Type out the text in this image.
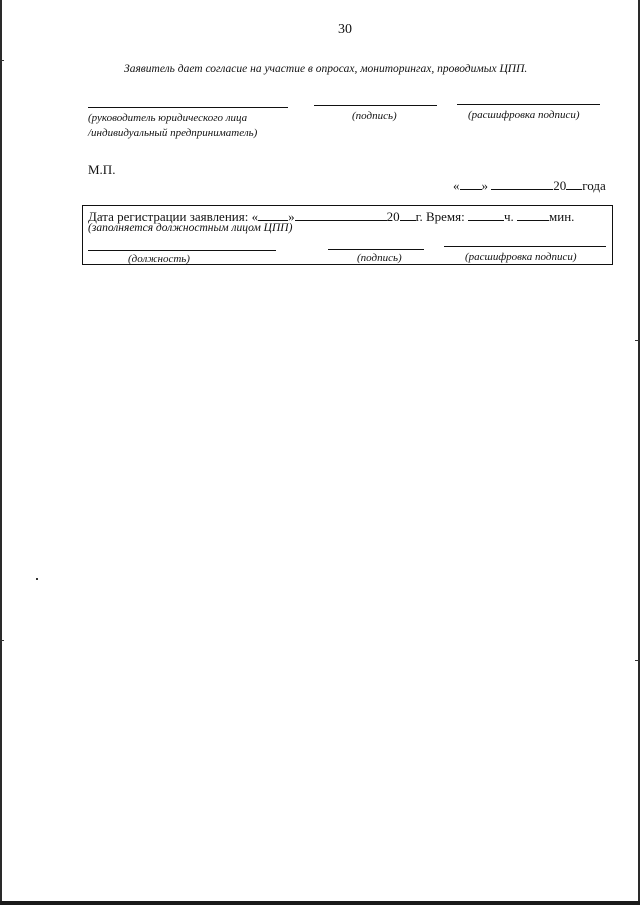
30
Заявитель дает согласие на участие в опросах, мониторингах, проводимых ЦПП.
(руководитель юридического лица
/индивидуальный предприниматель)
(подпись)	(расшифровка подписи)
М.П.
« »	20 года
Дата регистрации заявления: « »	20 г. Время:	ч.	мин.
(заполняется должностным лицом ЦПП)
(должность)	(подпись)	(расшифровка подписи)
